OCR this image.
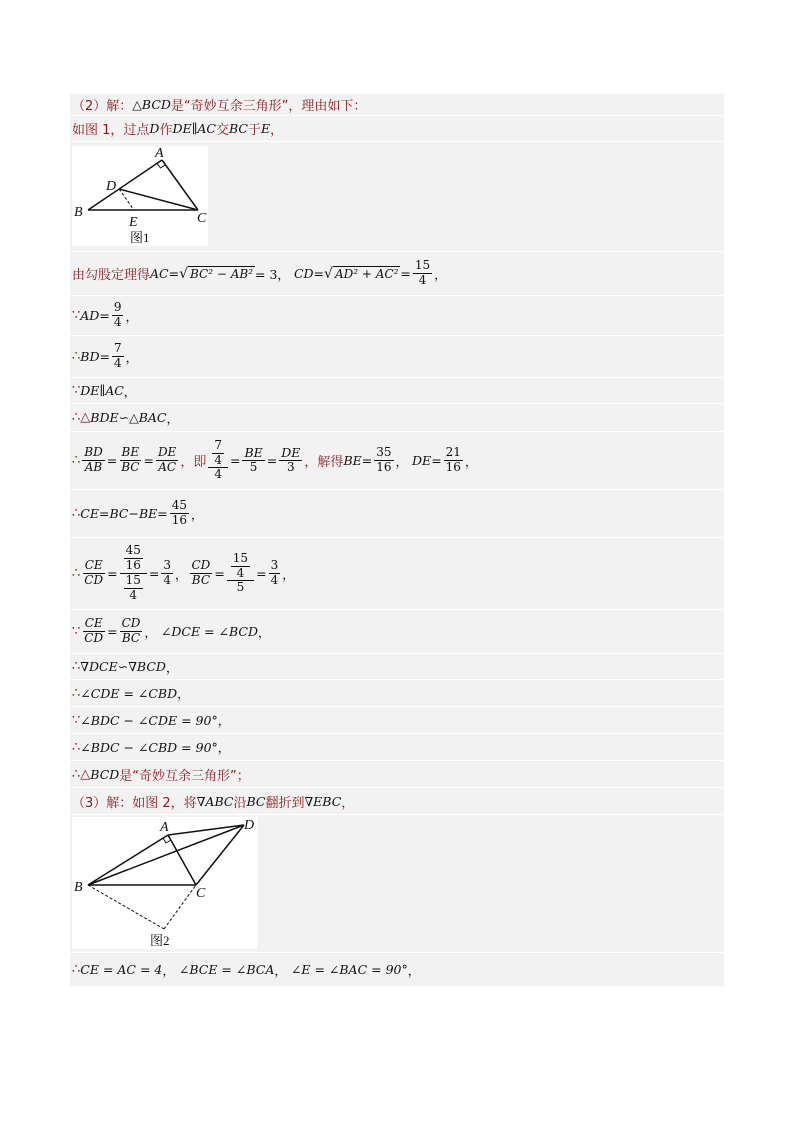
（2）解： △ BCD 是“奇妙互余三角形”，理由如下：
如图 1，过点 D 作 DE∥AC 交 BC 于 E ，
A
D
B	C
E
图1
由勾股定理得 AC = √ BC² − AB² = 3， CD = √ $AD^2 + AC^2 = \frac{15}{4}$ ，
∵ AD = $\frac{9}{4}$ ，
∴ BD = $\frac{7}{4}$ ，
∵ DE∥AC ，
∴△ BDE ∽△ BAC ，
∴ $\frac{BD}{AB} = \frac{BE}{BC} = \frac{DE}{AC}$ ，即 $\frac{\frac{7}{4}}{4} = \frac{BE}{5} = \frac{DE}{3}$ ，解得 BE = $\frac{35}{16}$ ， DE = $\frac{21}{16}$ ，
∴ CE = BC − BE = $\frac{45}{16}$ ，
∴ $\frac{CE}{CD} = \frac{\frac{45}{16}}{\frac{15}{4}} = \frac{3}{4}$ ， $\frac{CD}{BC} = \frac{\frac{15}{4}}{5} = \frac{3}{4}$ ，
∵ $\frac{CE}{CD} = \frac{CD}{BC}$ ， ∠DCE = ∠BCD ，
∴ ∇DCE∽∇BCD ，
∴ ∠CDE = ∠CBD ，
∵ ∠BDC − ∠CDE = 90° ，
∴ ∠BDC − ∠CBD = 90° ，
∴△ BCD 是“奇妙互余三角形”；
（3）解：如图 2，将 ∇ABC 沿 BC 翻折到 ∇EBC ，
A	D
B	C
图2
∴ CE = AC = 4 ， ∠BCE = ∠BCA ， ∠E = ∠BAC = 90° ，
